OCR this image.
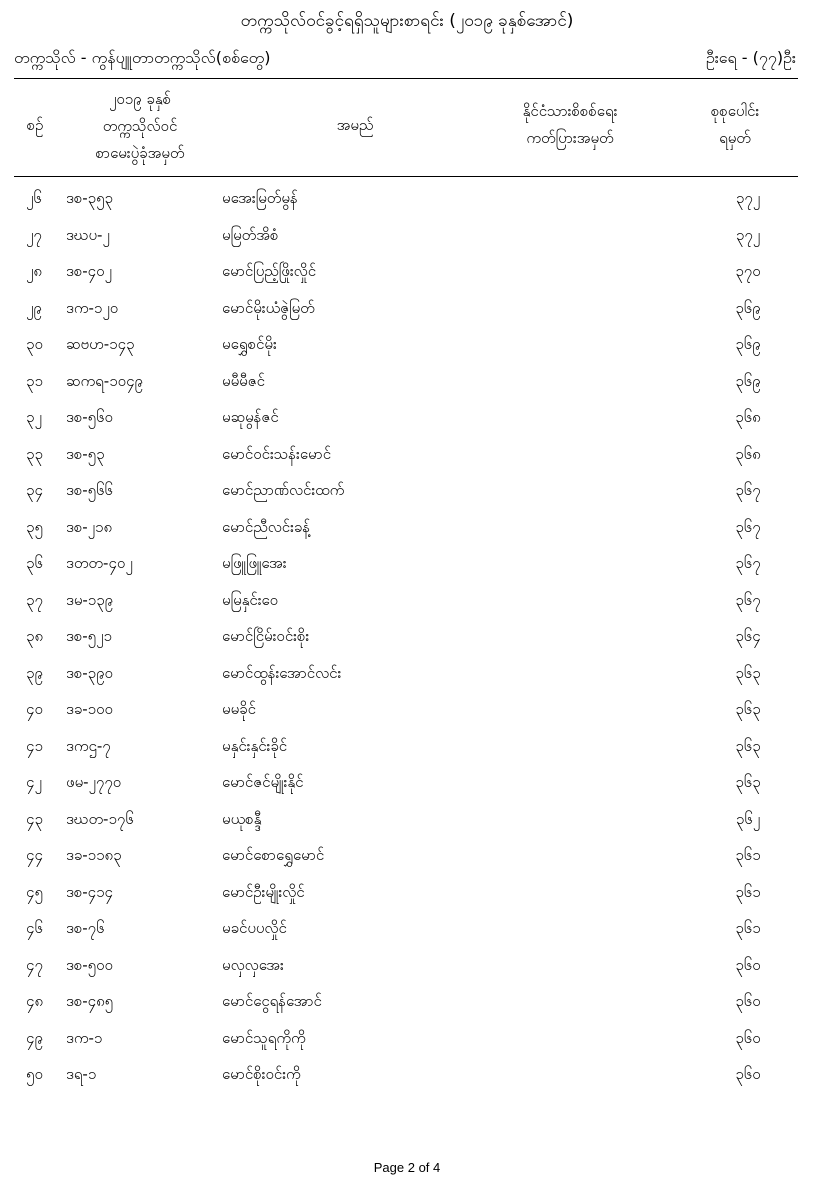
တက္ကသိုလ်ဝင်ခွင့်ရရှိသူများစာရင်း (၂၀၁၉ ခုနှစ်အောင်)
တက္ကသိုလ် - ကွန်ပျူတာတက္ကသိုလ်(စစ်တွေ)	ဦးရေ - (၇၇)ဦး
စဉ်
၂၀၁၉ ခုနှစ်
တက္ကသိုလ်ဝင်
စာမေးပွဲခုံအမှတ်
အမည်
နိုင်ငံသားစိစစ်ရေး
ကတ်ပြားအမှတ်
စုစုပေါင်း
ရမှတ်
၂၆ ဒစ-၃၅၃	မအေးမြတ်မွန်	၃၇၂
၂၇ ဒဃပ-၂	မမြတ်အိစံ	၃၇၂
၂၈ ဒစ-၄၀၂	မောင်ပြည့်ဖြိုးလှိုင်	၃၇၀
၂၉ ဒက-၁၂၀	မောင်မိုးယံဇွဲမြတ်	၃၆၉
၃၀ ဆဗဟ-၁၄၃	မရွှေစင်မိုး	၃၆၉
၃၁ ဆကရ-၁၀၄၉	မမီမီဇင်	၃၆၉
၃၂ ဒစ-၅၆၀	မဆုမွန်ဇင်	၃၆၈
၃၃ ဒစ-၅၃	မောင်ဝင်းသန်းမောင်	၃၆၈
၃၄ ဒစ-၅၆၆	မောင်ညာဏ်လင်းထက်	၃၆၇
၃၅ ဒစ-၂၁၈	မောင်ညီလင်းခန့်	၃၆၇
၃၆ ဒတတ-၄၀၂	မဖြူဖြူအေး	၃၆၇
၃၇ ဒမ-၁၃၉	မမြနှင်းဝေ	၃၆၇
၃၈ ဒစ-၅၂၁	မောင်ငြိမ်းဝင်းစိုး	၃၆၄
၃၉ ဒစ-၃၉၀	မောင်ထွန်းအောင်လင်း	၃၆၃
၄၀ ဒခ-၁၀၀	မမခိုင်	၃၆၃
၄၁ ဒကဌ-၇	မနှင်းနှင်းခိုင်	၃၆၃
၄၂ ဖမ-၂၇၇၀	မောင်ဇင်မျိုးနိုင်	၃၆၃
၄၃ ဒဃတ-၁၇၆	မယုစန္ဒီ	၃၆၂
၄၄ ဒခ-၁၁၈၃	မောင်စောရွှေမောင်	၃၆၁
၄၅ ဒစ-၄၁၄	မောင်ဦးမျိုးလှိုင်	၃၆၁
၄၆ ဒစ-၇၆	မခင်ပပလှိုင်	၃၆၁
၄၇ ဒစ-၅၀၀	မလှလှအေး	၃၆၀
၄၈ ဒစ-၄၈၅	မောင်ငွေရန်အောင်	၃၆၀
၄၉ ဒက-၁	မောင်သူရကိုကို	၃၆၀
၅၀ ဒရ-၁	မောင်စိုးဝင်းကို	၃၆၀
Page 2 of 4
